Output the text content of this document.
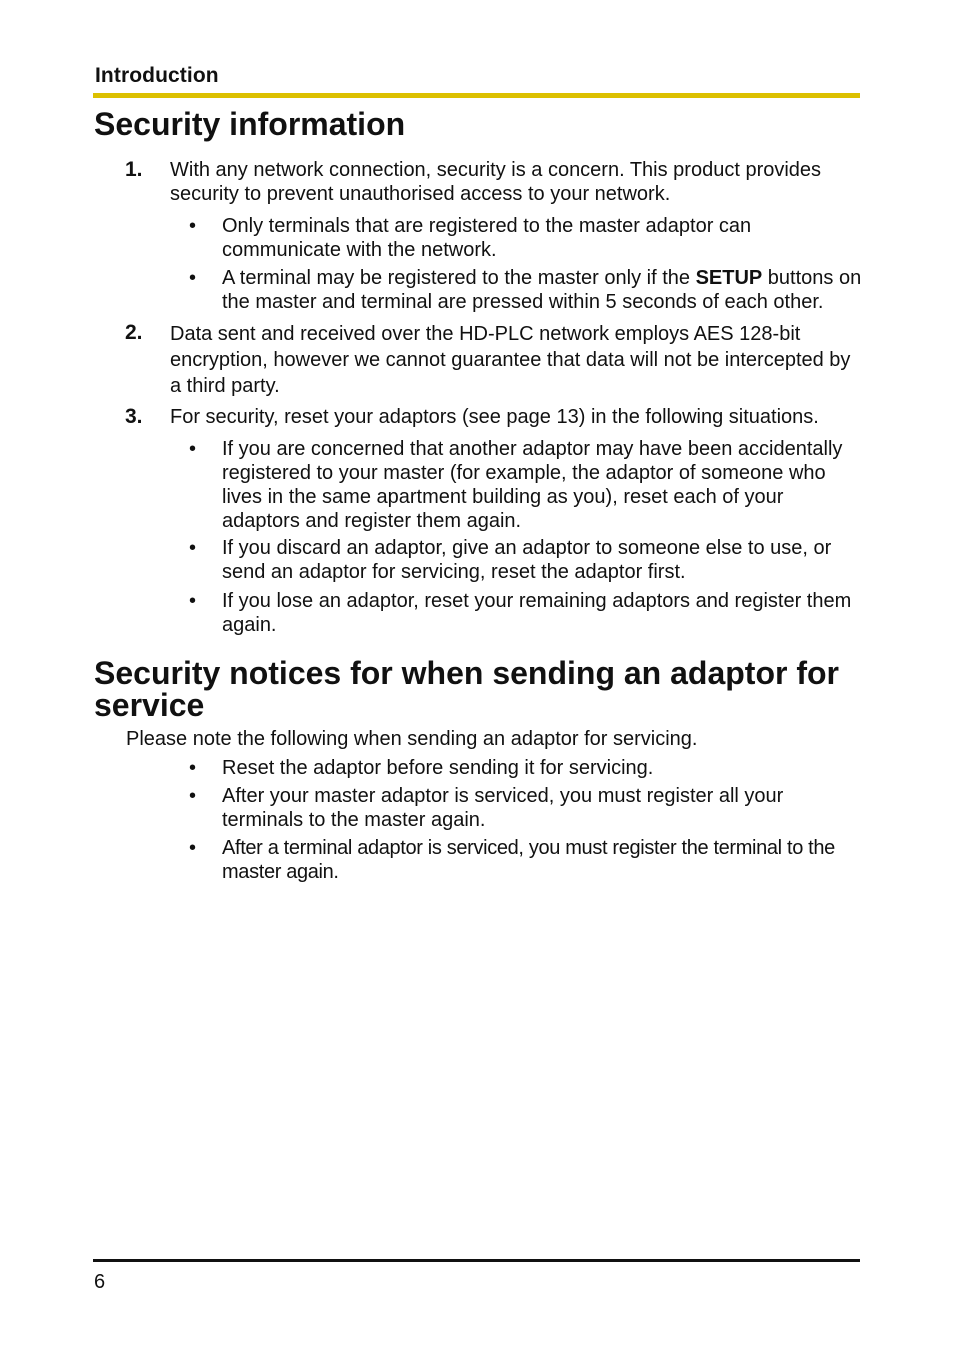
Introduction
Security information
1. With any network connection, security is a concern. This product provides security to prevent unauthorised access to your network.
• Only terminals that are registered to the master adaptor can communicate with the network.
• A terminal may be registered to the master only if the SETUP buttons on the master and terminal are pressed within 5 seconds of each other.
2. Data sent and received over the HD-PLC network employs AES 128-bit encryption, however we cannot guarantee that data will not be intercepted by a third party.
3. For security, reset your adaptors (see page 13) in the following situations.
• If you are concerned that another adaptor may have been accidentally registered to your master (for example, the adaptor of someone who lives in the same apartment building as you), reset each of your adaptors and register them again.
• If you discard an adaptor, give an adaptor to someone else to use, or send an adaptor for servicing, reset the adaptor first.
• If you lose an adaptor, reset your remaining adaptors and register them again.
Security notices for when sending an adaptor for service
Please note the following when sending an adaptor for servicing.
• Reset the adaptor before sending it for servicing.
• After your master adaptor is serviced, you must register all your terminals to the master again.
• After a terminal adaptor is serviced, you must register the terminal to the master again.
6
